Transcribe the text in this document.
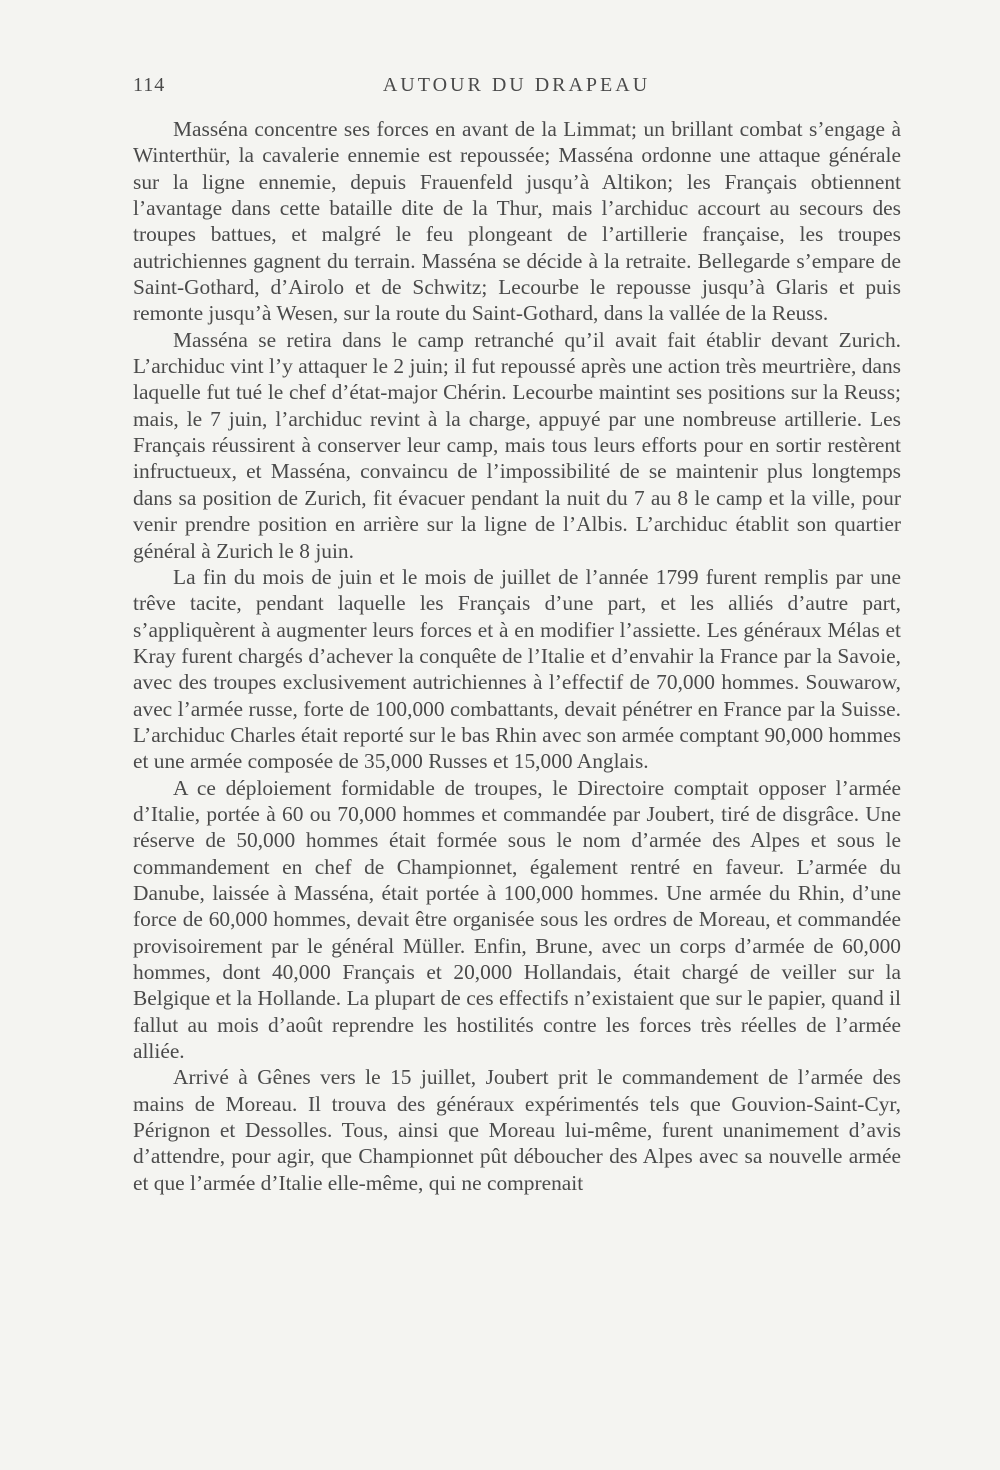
114	AUTOUR DU DRAPEAU

Masséna concentre ses forces en avant de la Limmat; un brillant combat s’engage à Winterthür, la cavalerie ennemie est repoussée; Masséna ordonne une attaque générale sur la ligne ennemie, depuis Frauenfeld jusqu’à Altikon; les Français obtiennent l’avantage dans cette bataille dite de la Thur, mais l’archiduc accourt au secours des troupes battues, et malgré le feu plongeant de l’artillerie française, les troupes autrichiennes gagnent du terrain. Masséna se décide à la retraite. Bellegarde s’empare de Saint-Gothard, d’Airolo et de Schwitz; Lecourbe le repousse jusqu’à Glaris et puis remonte jusqu’à Wesen, sur la route du Saint-Gothard, dans la vallée de la Reuss.

Masséna se retira dans le camp retranché qu’il avait fait établir devant Zurich. L’archiduc vint l’y attaquer le 2 juin; il fut repoussé après une action très meurtrière, dans laquelle fut tué le chef d’état-major Chérin. Lecourbe maintint ses positions sur la Reuss; mais, le 7 juin, l’archiduc revint à la charge, appuyé par une nombreuse artillerie. Les Français réussirent à conserver leur camp, mais tous leurs efforts pour en sortir restèrent infructueux, et Masséna, convaincu de l’impossibilité de se maintenir plus longtemps dans sa position de Zurich, fit évacuer pendant la nuit du 7 au 8 le camp et la ville, pour venir prendre position en arrière sur la ligne de l’Albis. L’archiduc établit son quartier général à Zurich le 8 juin.

La fin du mois de juin et le mois de juillet de l’année 1799 furent remplis par une trêve tacite, pendant laquelle les Français d’une part, et les alliés d’autre part, s’appliquèrent à augmenter leurs forces et à en modifier l’assiette. Les généraux Mélas et Kray furent chargés d’achever la conquête de l’Italie et d’envahir la France par la Savoie, avec des troupes exclusivement autrichiennes à l’effectif de 70,000 hommes. Souwarow, avec l’armée russe, forte de 100,000 combattants, devait pénétrer en France par la Suisse. L’archiduc Charles était reporté sur le bas Rhin avec son armée comptant 90,000 hommes et une armée composée de 35,000 Russes et 15,000 Anglais.

A ce déploiement formidable de troupes, le Directoire comptait opposer l’armée d’Italie, portée à 60 ou 70,000 hommes et commandée par Joubert, tiré de disgrâce. Une réserve de 50,000 hommes était formée sous le nom d’armée des Alpes et sous le commandement en chef de Championnet, également rentré en faveur. L’armée du Danube, laissée à Masséna, était portée à 100,000 hommes. Une armée du Rhin, d’une force de 60,000 hommes, devait être organisée sous les ordres de Moreau, et commandée provisoirement par le général Müller. Enfin, Brune, avec un corps d’armée de 60,000 hommes, dont 40,000 Français et 20,000 Hollandais, était chargé de veiller sur la Belgique et la Hollande. La plupart de ces effectifs n’existaient que sur le papier, quand il fallut au mois d’août reprendre les hostilités contre les forces très réelles de l’armée alliée.

Arrivé à Gênes vers le 15 juillet, Joubert prit le commandement de l’armée des mains de Moreau. Il trouva des généraux expérimentés tels que Gouvion-Saint-Cyr, Pérignon et Dessolles. Tous, ainsi que Moreau lui-même, furent unanimement d’avis d’attendre, pour agir, que Championnet pût déboucher des Alpes avec sa nouvelle armée et que l’armée d’Italie elle-même, qui ne comprenait
